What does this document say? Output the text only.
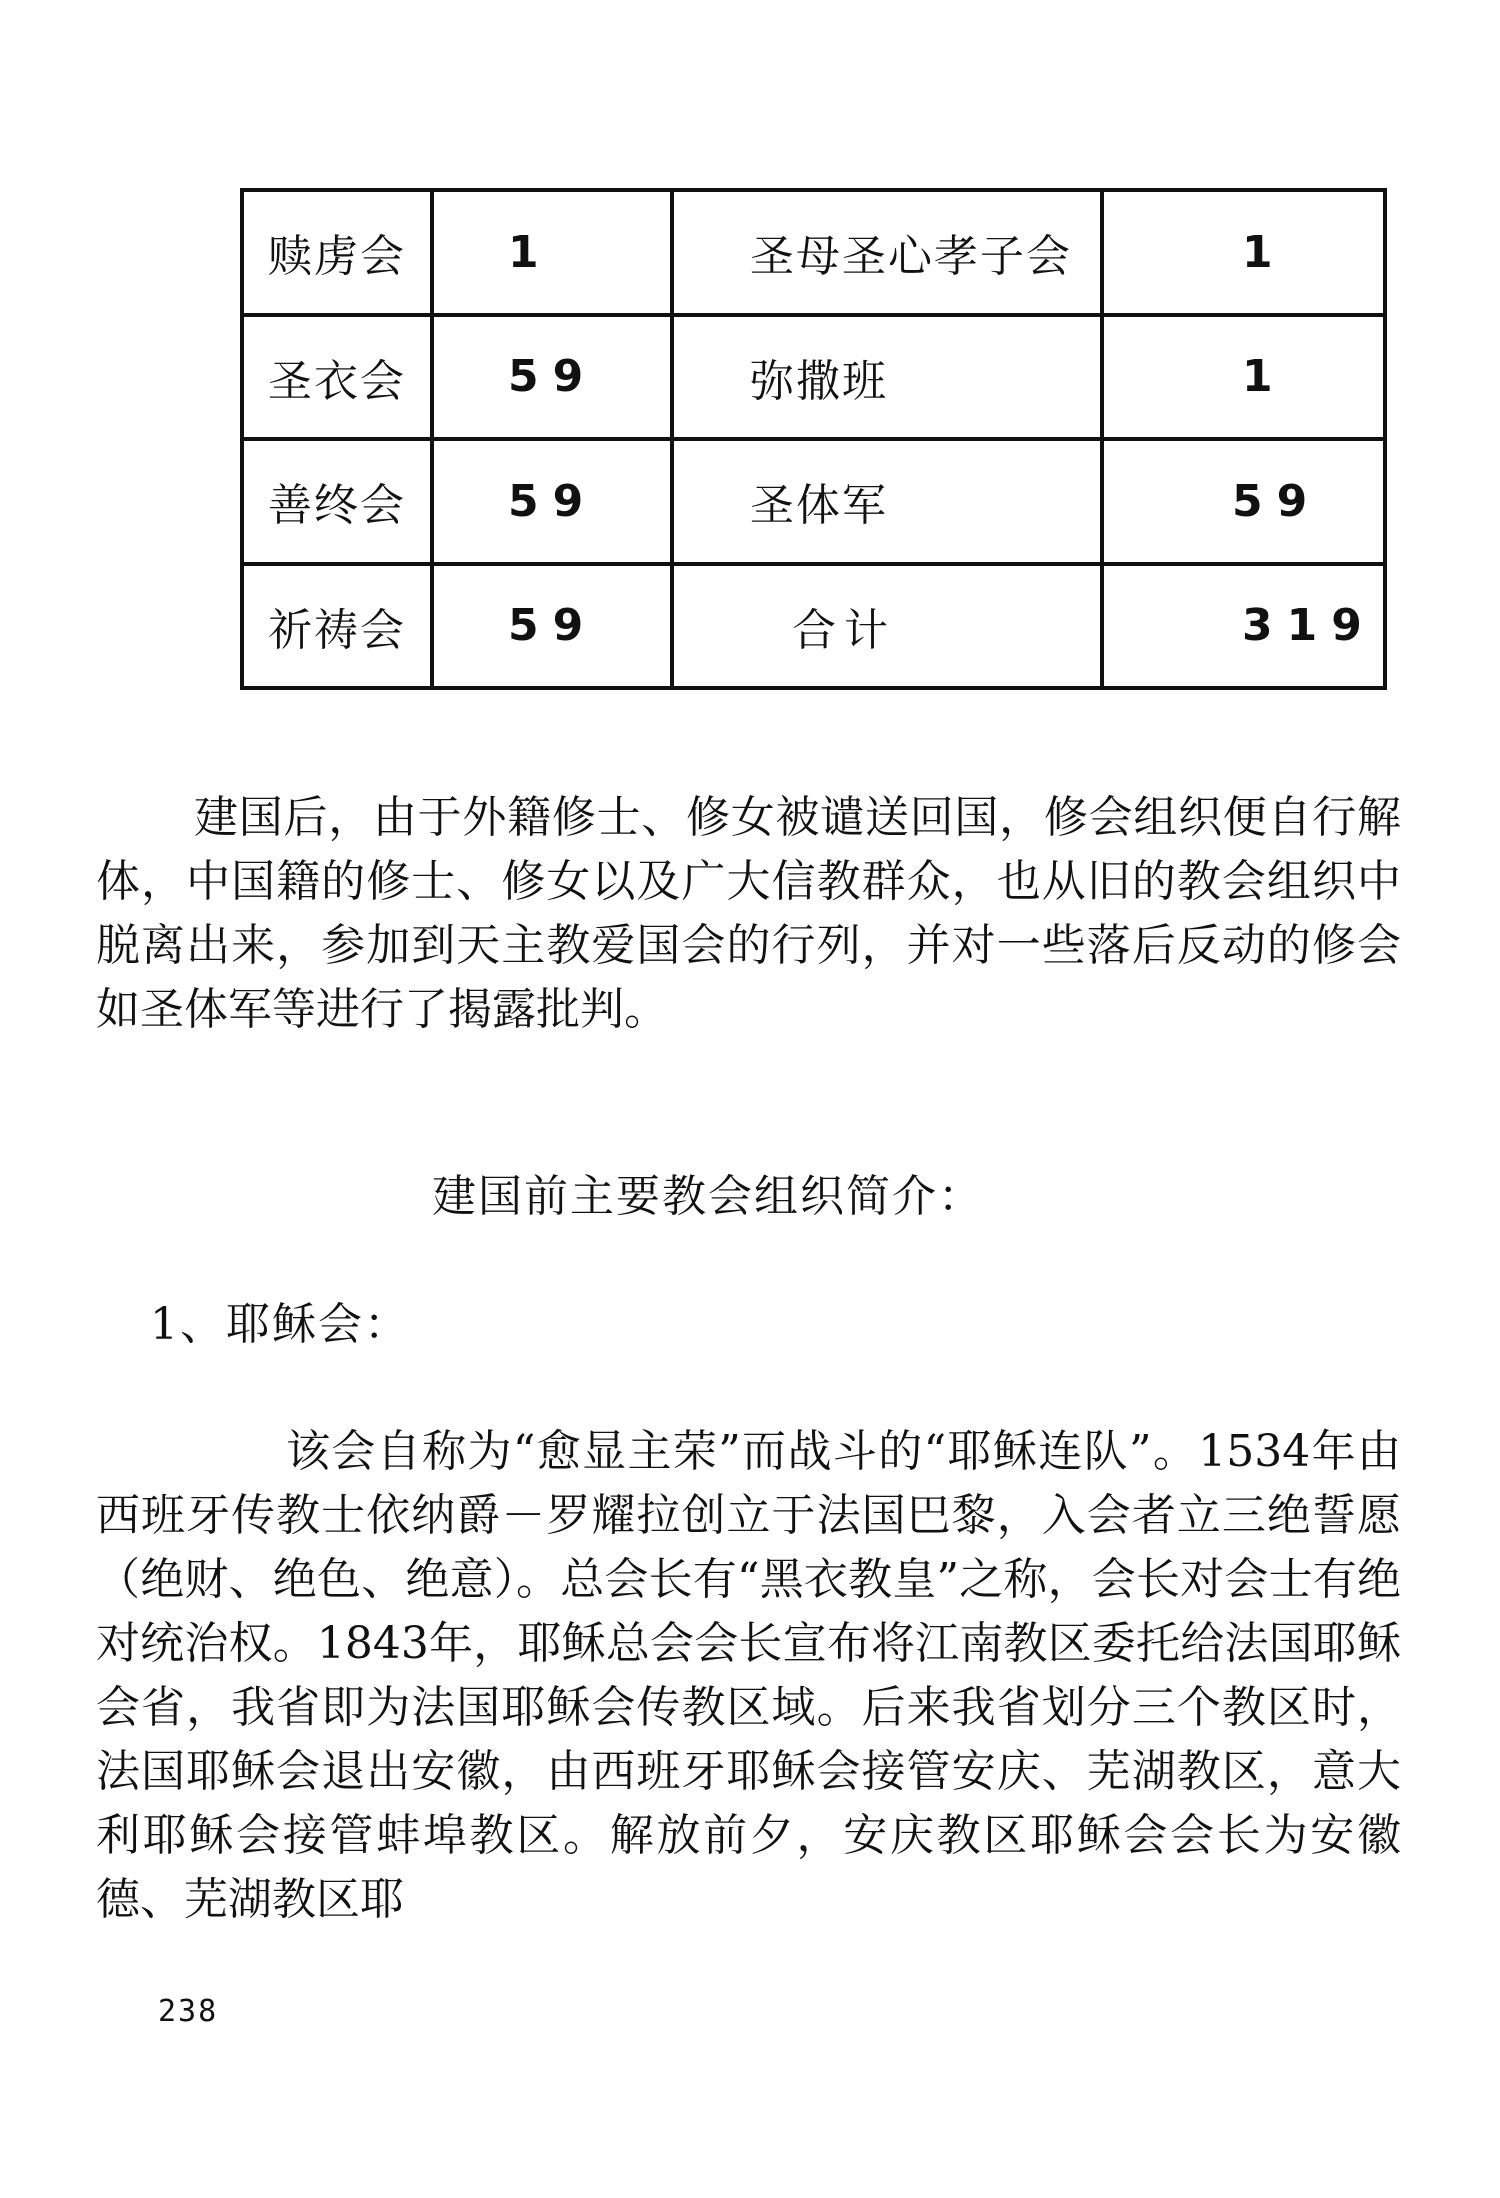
赎虏会	1	圣母圣心孝子会	1
圣衣会	59	弥撒班	1
善终会	59	圣体军	59
祈祷会	59	合计	319

建国后，由于外籍修士、修女被谴送回国，修会组织便自行解体，中国籍的修士、修女以及广大信教群众，也从旧的教会组织中脱离出来，参加到天主教爱国会的行列，并对一些落后反动的修会如圣体军等进行了揭露批判。

建国前主要教会组织简介：

1、耶稣会：

该会自称为“愈显主荣”而战斗的“耶稣连队”。1534年由西班牙传教士依纳爵－罗耀拉创立于法国巴黎，入会者立三绝誓愿（绝财、绝色、绝意）。总会长有“黑衣教皇”之称，会长对会士有绝对统治权。1843年，耶稣总会会长宣布将江南教区委托给法国耶稣会省，我省即为法国耶稣会传教区域。后来我省划分三个教区时，法国耶稣会退出安徽，由西班牙耶稣会接管安庆、芜湖教区，意大利耶稣会接管蚌埠教区。解放前夕，安庆教区耶稣会会长为安徽德、芜湖教区耶

238
